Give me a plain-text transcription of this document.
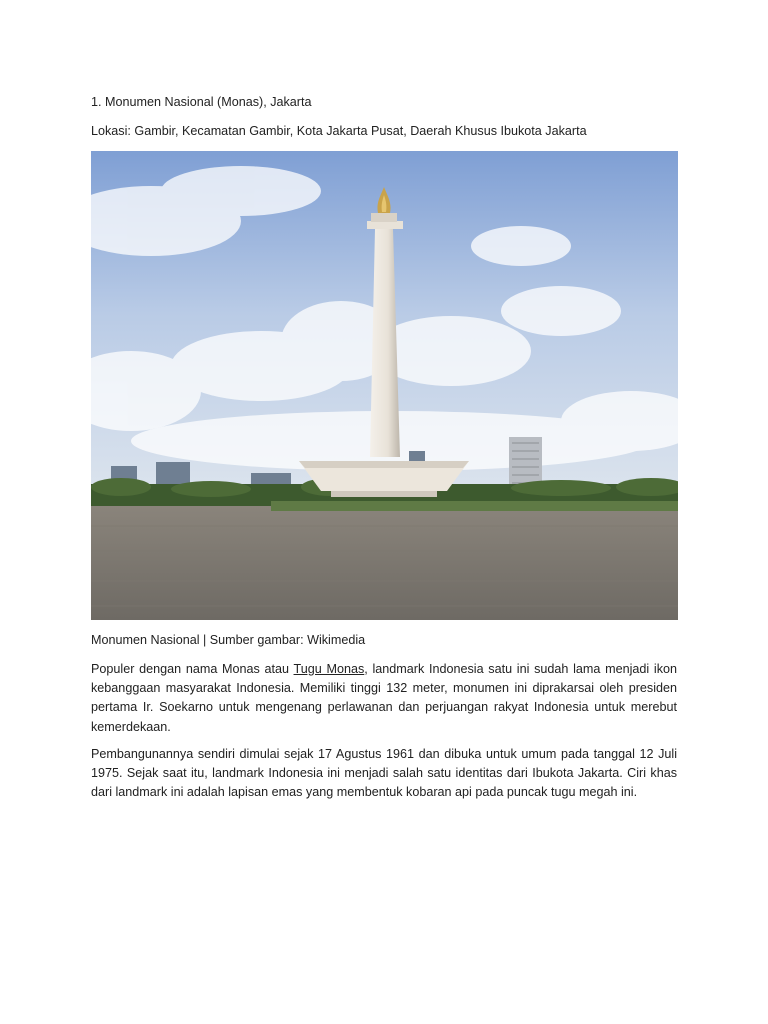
1. Monumen Nasional (Monas), Jakarta
Lokasi: Gambir, Kecamatan Gambir, Kota Jakarta Pusat, Daerah Khusus Ibukota Jakarta
Monumen Nasional | Sumber gambar: Wikimedia
Populer dengan nama Monas atau Tugu Monas, landmark Indonesia satu ini sudah lama menjadi ikon kebanggaan masyarakat Indonesia. Memiliki tinggi 132 meter, monumen ini diprakarsai oleh presiden pertama Ir. Soekarno untuk mengenang perlawanan dan perjuangan rakyat Indonesia untuk merebut kemerdekaan.
Pembangunannya sendiri dimulai sejak 17 Agustus 1961 dan dibuka untuk umum pada tanggal 12 Juli 1975. Sejak saat itu, landmark Indonesia ini menjadi salah satu identitas dari Ibukota Jakarta. Ciri khas dari landmark ini adalah lapisan emas yang membentuk kobaran api pada puncak tugu megah ini.
